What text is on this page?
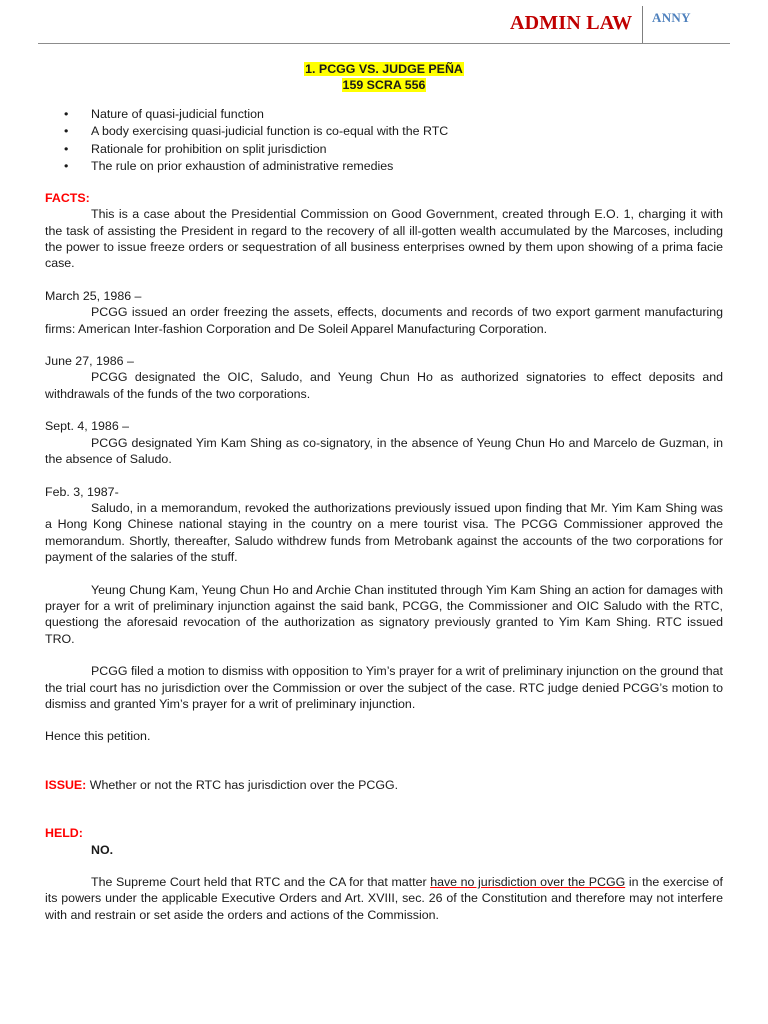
ADMIN LAW ANNY
1. PCGG VS. JUDGE PEÑA
159 SCRA 556
• Nature of quasi-judicial function
• A body exercising quasi-judicial function is co-equal with the RTC
• Rationale for prohibition on split jurisdiction
• The rule on prior exhaustion of administrative remedies
FACTS:

This is a case about the Presidential Commission on Good Government, created through E.O. 1, charging it with the task of assisting the President in regard to the recovery of all ill-gotten wealth accumulated by the Marcoses, including the power to issue freeze orders or sequestration of all business enterprises owned by them upon showing of a prima facie case.

March 25, 1986 –

PCGG issued an order freezing the assets, effects, documents and records of two export garment manufacturing firms: American Inter-fashion Corporation and De Soleil Apparel Manufacturing Corporation.

June 27, 1986 –

PCGG designated the OIC, Saludo, and Yeung Chun Ho as authorized signatories to effect deposits and withdrawals of the funds of the two corporations.

Sept. 4, 1986 –

PCGG designated Yim Kam Shing as co-signatory, in the absence of Yeung Chun Ho and Marcelo de Guzman, in the absence of Saludo.

Feb. 3, 1987-

Saludo, in a memorandum, revoked the authorizations previously issued upon finding that Mr. Yim Kam Shing was a Hong Kong Chinese national staying in the country on a mere tourist visa. The PCGG Commissioner approved the memorandum. Shortly, thereafter, Saludo withdrew funds from Metrobank against the accounts of the two corporations for payment of the salaries of the stuff.

Yeung Chung Kam, Yeung Chun Ho and Archie Chan instituted through Yim Kam Shing an action for damages with prayer for a writ of preliminary injunction against the said bank, PCGG, the Commissioner and OIC Saludo with the RTC, questiong the aforesaid revocation of the authorization as signatory previously granted to Yim Kam Shing. RTC issued TRO.

PCGG filed a motion to dismiss with opposition to Yim’s prayer for a writ of preliminary injunction on the ground that the trial court has no jurisdiction over the Commission or over the subject of the case. RTC judge denied PCGG’s motion to dismiss and granted Yim’s prayer for a writ of preliminary injunction.

Hence this petition.

ISSUE: Whether or not the RTC has jurisdiction over the PCGG.
HELD:
NO.

The Supreme Court held that RTC and the CA for that matter have no jurisdiction over the PCGG in the exercise of its powers under the applicable Executive Orders and Art. XVIII, sec. 26 of the Constitution and therefore may not interfere with and restrain or set aside the orders and actions of the Commission.
